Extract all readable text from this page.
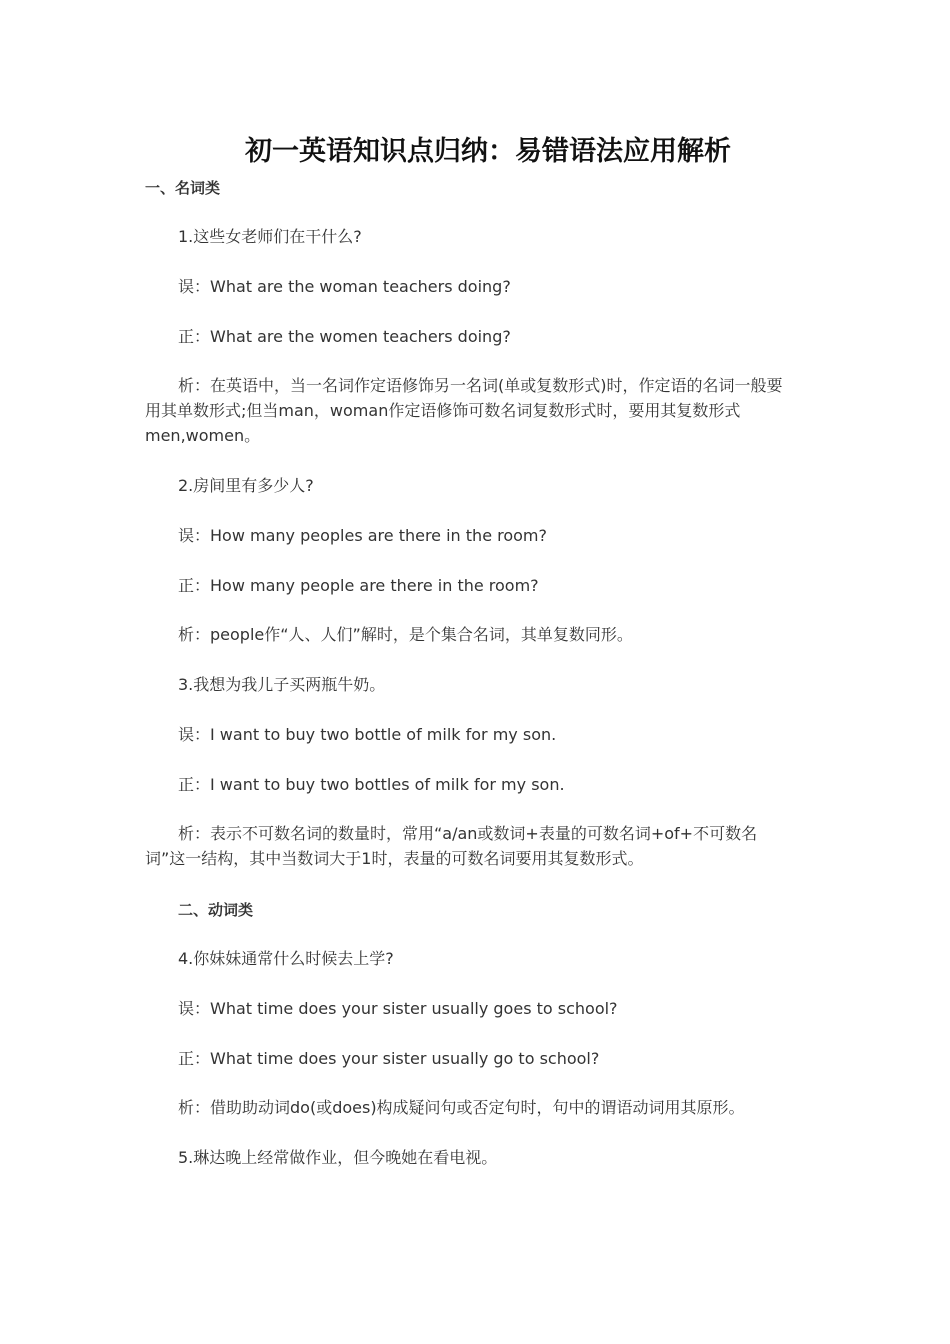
初一英语知识点归纳：易错语法应用解析
一、名词类

1.这些女老师们在干什么?

误：What are the woman teachers doing?

正：What are the women teachers doing?

析：在英语中，当一名词作定语修饰另一名词(单或复数形式)时，作定语的名词一般要用其单数形式;但当man，woman作定语修饰可数名词复数形式时，要用其复数形式men,women。

2.房间里有多少人?

误：How many peoples are there in the room?

正：How many people are there in the room?

析：people作“人、人们”解时，是个集合名词，其单复数同形。

3.我想为我儿子买两瓶牛奶。

误：I want to buy two bottle of milk for my son.

正：I want to buy two bottles of milk for my son.

析：表示不可数名词的数量时，常用“a/an或数词+表量的可数名词+of+不可数名词”这一结构，其中当数词大于1时，表量的可数名词要用其复数形式。

二、动词类

4.你妹妹通常什么时候去上学?

误：What time does your sister usually goes to school?

正：What time does your sister usually go to school?

析：借助助动词do(或does)构成疑问句或否定句时，句中的谓语动词用其原形。

5.琳达晚上经常做作业，但今晚她在看电视。
